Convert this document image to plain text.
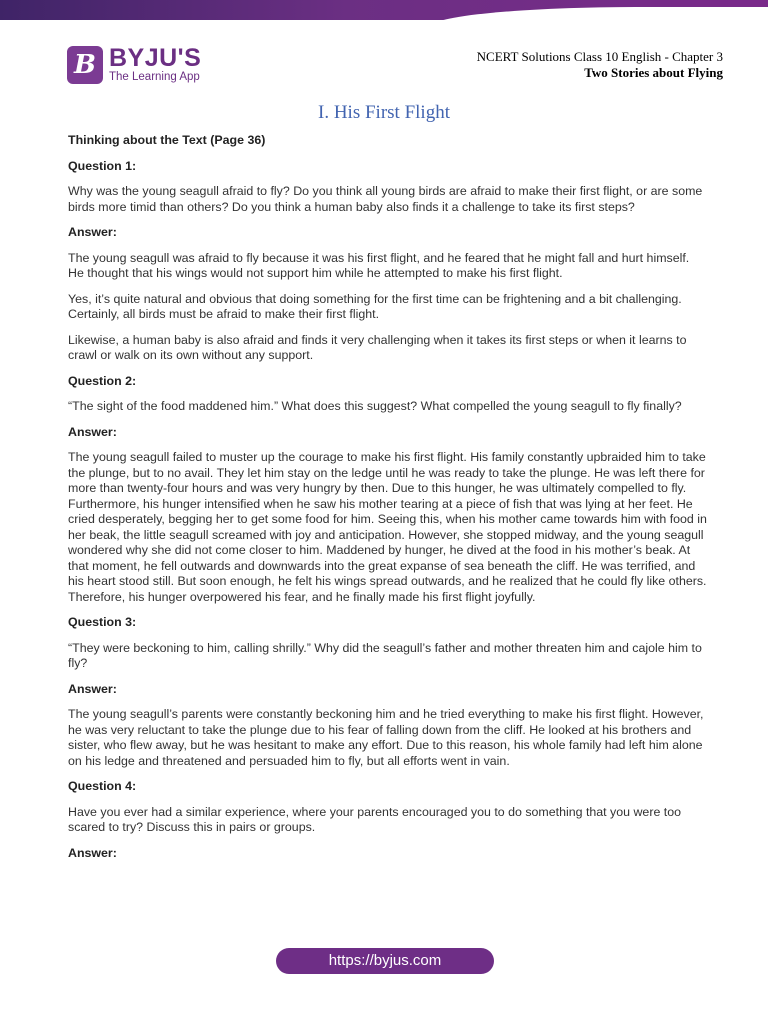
B BYJU'S
The Learning App
NCERT Solutions Class 10 English - Chapter 3
Two Stories about Flying
I. His First Flight

Thinking about the Text (Page 36)

Question 1:

Why was the young seagull afraid to fly? Do you think all young birds are afraid to make their first flight, or are some birds more timid than others? Do you think a human baby also finds it a challenge to take its first steps?

Answer:

The young seagull was afraid to fly because it was his first flight, and he feared that he might fall and hurt himself. He thought that his wings would not support him while he attempted to make his first flight.

Yes, it’s quite natural and obvious that doing something for the first time can be frightening and a bit challenging. Certainly, all birds must be afraid to make their first flight.

Likewise, a human baby is also afraid and finds it very challenging when it takes its first steps or when it learns to crawl or walk on its own without any support.

Question 2:

“The sight of the food maddened him.” What does this suggest? What compelled the young seagull to fly finally?

Answer:

The young seagull failed to muster up the courage to make his first flight. His family constantly upbraided him to take the plunge, but to no avail. They let him stay on the ledge until he was ready to take the plunge. He was left there for more than twenty-four hours and was very hungry by then. Due to this hunger, he was ultimately compelled to fly. Furthermore, his hunger intensified when he saw his mother tearing at a piece of fish that was lying at her feet. He cried desperately, begging her to get some food for him. Seeing this, when his mother came towards him with food in her beak, the little seagull screamed with joy and anticipation. However, she stopped midway, and the young seagull wondered why she did not come closer to him. Maddened by hunger, he dived at the food in his mother’s beak. At that moment, he fell outwards and downwards into the great expanse of sea beneath the cliff. He was terrified, and his heart stood still. But soon enough, he felt his wings spread outwards, and he realized that he could fly like others. Therefore, his hunger overpowered his fear, and he finally made his first flight joyfully.

Question 3:

“They were beckoning to him, calling shrilly.” Why did the seagull’s father and mother threaten him and cajole him to fly?

Answer:

The young seagull’s parents were constantly beckoning him and he tried everything to make his first flight. However, he was very reluctant to take the plunge due to his fear of falling down from the cliff. He looked at his brothers and sister, who flew away, but he was hesitant to make any effort. Due to this reason, his whole family had left him alone on his ledge and threatened and persuaded him to fly, but all efforts went in vain.

Question 4:

Have you ever had a similar experience, where your parents encouraged you to do something that you were too scared to try? Discuss this in pairs or groups.

Answer:

https://byjus.com
